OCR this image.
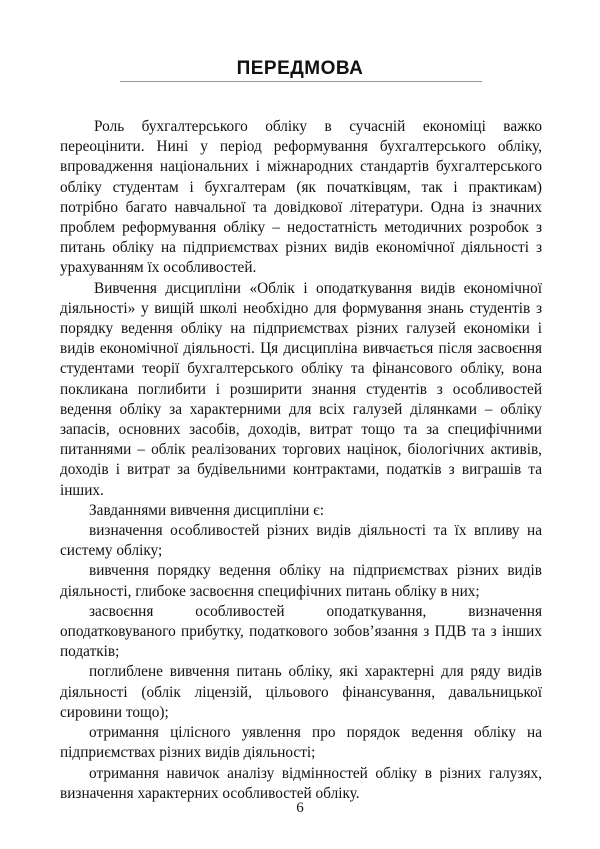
ПЕРЕДМОВА

Роль бухгалтерського обліку в сучасній економіці важко переоцінити. Нині у період реформування бухгалтерського обліку, впровадження національних і міжнародних стандартів бухгалтерського обліку студентам і бухгалтерам (як початківцям, так і практикам) потрібно багато навчальної та довідкової літератури. Одна із значних проблем реформування обліку – недостатність методичних розробок з питань обліку на підприємствах різних видів економічної діяльності з урахуванням їх особливостей.

Вивчення дисципліни «Облік і оподаткування видів економічної діяльності» у вищій школі необхідно для формування знань студентів з порядку ведення обліку на підприємствах різних галузей економіки і видів економічної діяльності. Ця дисципліна вивчається після засвоєння студентами теорії бухгалтерського обліку та фінансового обліку, вона покликана поглибити і розширити знання студентів з особливостей ведення обліку за характерними для всіх галузей ділянками – обліку запасів, основних засобів, доходів, витрат тощо та за специфічними питаннями – облік реалізованих торгових націнок, біологічних активів, доходів і витрат за будівельними контрактами, податків з виграшів та інших.

Завданнями вивчення дисципліни є:

визначення особливостей різних видів діяльності та їх впливу на систему обліку;

вивчення порядку ведення обліку на підприємствах різних видів діяльності, глибоке засвоєння специфічних питань обліку в них;

засвоєння особливостей оподаткування, визначення оподатковуваного прибутку, податкового зобов’язання з ПДВ та з інших податків;

поглиблене вивчення питань обліку, які характерні для ряду видів діяльності (облік ліцензій, цільового фінансування, давальницької сировини тощо);

отримання цілісного уявлення про порядок ведення обліку на підприємствах різних видів діяльності;

отримання навичок аналізу відмінностей обліку в різних галузях, визначення характерних особливостей обліку.

6
